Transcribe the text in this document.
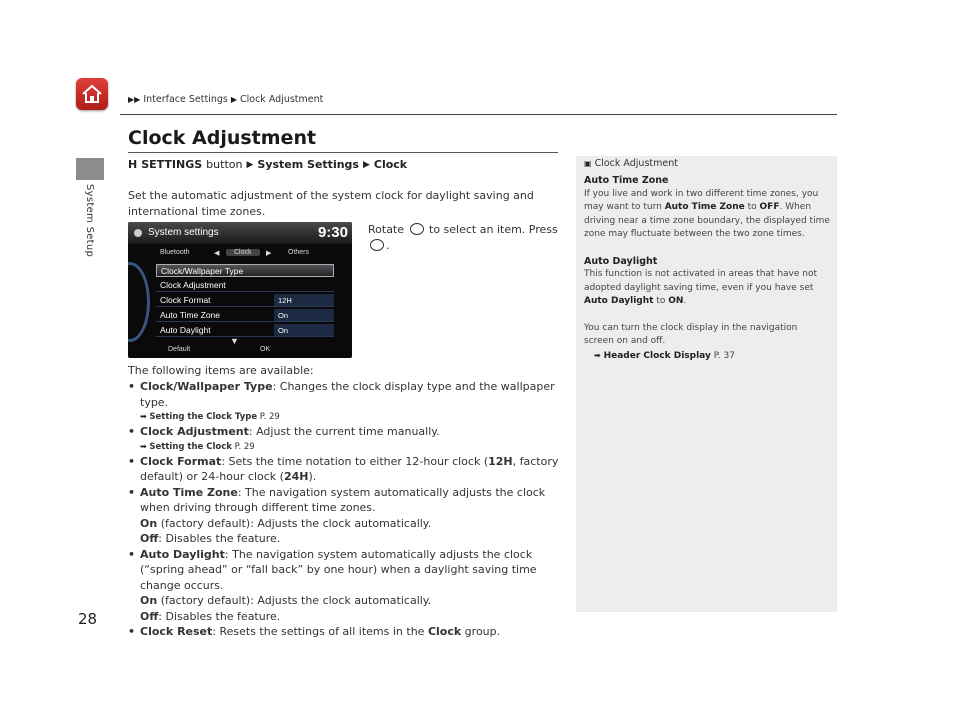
System Setup
28
▶▶ Interface Settings ▶ Clock Adjustment
Clock Adjustment
H SETTINGS button ▶ System Settings ▶ Clock
Set the automatic adjustment of the system clock for daylight saving and international time zones.
Rotate to select an item. Press .
System settings	9:30
Bluetooth	◀	Clock	▶ Others
Clock/Wallpaper Type
Clock Adjustment
Clock Format	12H
Auto Time Zone	On
Auto Daylight	On
Default
▼
OK
The following items are available:
• Clock/Wallpaper Type: Changes the clock display type and the wallpaper type.
➡ Setting the Clock Type P. 29
• Clock Adjustment: Adjust the current time manually.
➡ Setting the Clock P. 29
• Clock Format: Sets the time notation to either 12-hour clock (12H, factory default) or 24-hour clock (24H).
• Auto Time Zone: The navigation system automatically adjusts the clock when driving through different time zones.
On (factory default): Adjusts the clock automatically.
Off: Disables the feature.
• Auto Daylight: The navigation system automatically adjusts the clock (“spring ahead” or “fall back” by one hour) when a daylight saving time change occurs.
On (factory default): Adjusts the clock automatically.
Off: Disables the feature.
• Clock Reset: Resets the settings of all items in the Clock group.
▣ Clock Adjustment
Auto Time Zone
If you live and work in two different time zones, you may want to turn Auto Time Zone to OFF. When driving near a time zone boundary, the displayed time zone may fluctuate between the two zone times.
Auto Daylight
This function is not activated in areas that have not adopted daylight saving time, even if you have set Auto Daylight to ON.
You can turn the clock display in the navigation screen on and off.
➡ Header Clock Display P. 37
